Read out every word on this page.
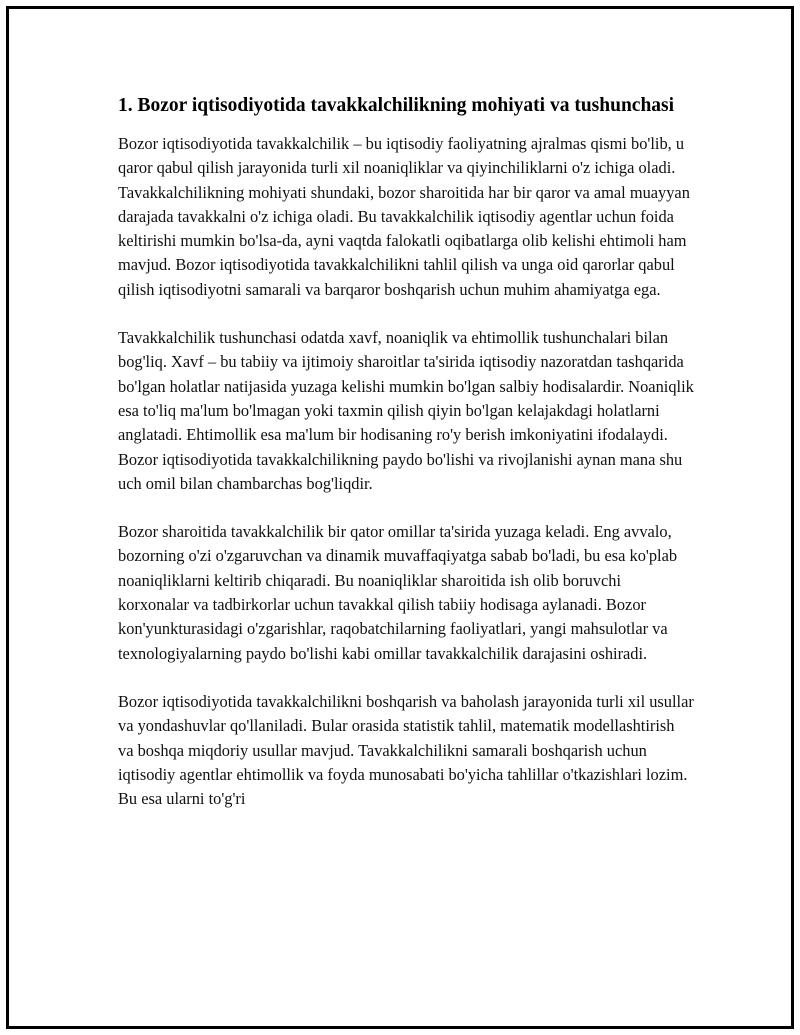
1. Bozor iqtisodiyotida tavakkalchilikning mohiyati va tushunchasi

Bozor iqtisodiyotida tavakkalchilik – bu iqtisodiy faoliyatning ajralmas qismi bo'lib, u qaror qabul qilish jarayonida turli xil noaniqliklar va qiyinchiliklarni o'z ichiga oladi. Tavakkalchilikning mohiyati shundaki, bozor sharoitida har bir qaror va amal muayyan darajada tavakkalni o'z ichiga oladi. Bu tavakkalchilik iqtisodiy agentlar uchun foida keltirishi mumkin bo'lsa-da, ayni vaqtda falokatli oqibatlarga olib kelishi ehtimoli ham mavjud. Bozor iqtisodiyotida tavakkalchilikni tahlil qilish va unga oid qarorlar qabul qilish iqtisodiyotni samarali va barqaror boshqarish uchun muhim ahamiyatga ega.

Tavakkalchilik tushunchasi odatda xavf, noaniqlik va ehtimollik tushunchalari bilan bog'liq. Xavf – bu tabiiy va ijtimoiy sharoitlar ta'sirida iqtisodiy nazoratdan tashqarida bo'lgan holatlar natijasida yuzaga kelishi mumkin bo'lgan salbiy hodisalardir. Noaniqlik esa to'liq ma'lum bo'lmagan yoki taxmin qilish qiyin bo'lgan kelajakdagi holatlarni anglatadi. Ehtimollik esa ma'lum bir hodisaning ro'y berish imkoniyatini ifodalaydi. Bozor iqtisodiyotida tavakkalchilikning paydo bo'lishi va rivojlanishi aynan mana shu uch omil bilan chambarchas bog'liqdir.

Bozor sharoitida tavakkalchilik bir qator omillar ta'sirida yuzaga keladi. Eng avvalo, bozorning o'zi o'zgaruvchan va dinamik muvaffaqiyatga sabab bo'ladi, bu esa ko'plab noaniqliklarni keltirib chiqaradi. Bu noaniqliklar sharoitida ish olib boruvchi korxonalar va tadbirkorlar uchun tavakkal qilish tabiiy hodisaga aylanadi. Bozor kon'yunkturasidagi o'zgarishlar, raqobatchilarning faoliyatlari, yangi mahsulotlar va texnologiyalarning paydo bo'lishi kabi omillar tavakkalchilik darajasini oshiradi.

Bozor iqtisodiyotida tavakkalchilikni boshqarish va baholash jarayonida turli xil usullar va yondashuvlar qo'llaniladi. Bular orasida statistik tahlil, matematik modellashtirish va boshqa miqdoriy usullar mavjud. Tavakkalchilikni samarali boshqarish uchun iqtisodiy agentlar ehtimollik va foyda munosabati bo'yicha tahlillar o'tkazishlari lozim. Bu esa ularni to'g'ri
